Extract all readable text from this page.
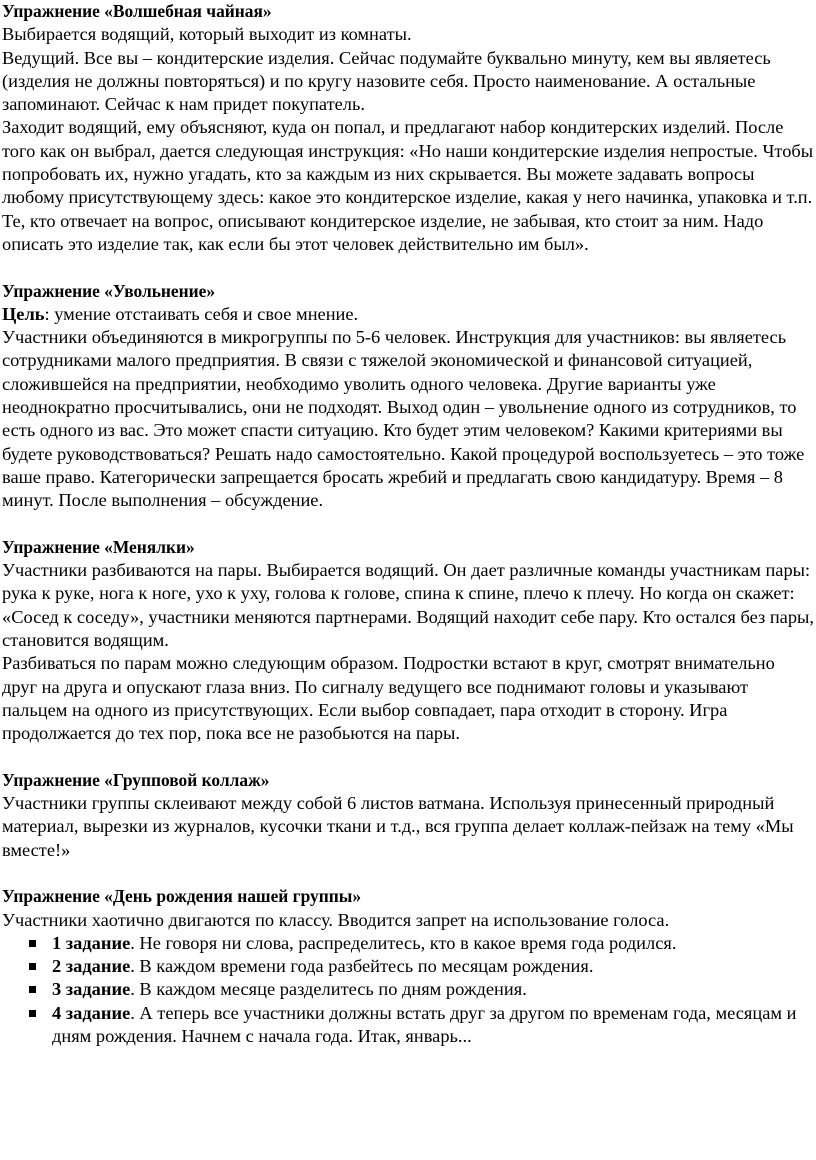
Упражнение «Волшебная чайная»

Выбирается водящий, который выходит из комнаты.

Ведущий. Все вы – кондитерские изделия. Сейчас подумайте буквально минуту, кем вы являетесь (изделия не должны повторяться) и по кругу назовите себя. Просто наименование. А остальные запоминают. Сейчас к нам придет покупатель.

Заходит водящий, ему объясняют, куда он попал, и предлагают набор кондитерских изделий. После того как он выбрал, дается следующая инструкция: «Но наши кондитерские изделия непростые. Чтобы попробовать их, нужно угадать, кто за каждым из них скрывается. Вы можете задавать вопросы любому присутствующему здесь: какое это кондитерское изделие, какая у него начинка, упаковка и т.п. Те, кто отвечает на вопрос, описывают кондитерское изделие, не забывая, кто стоит за ним. Надо описать это изделие так, как если бы этот человек действительно им был».

Упражнение «Увольнение»

Цель: умение отстаивать себя и свое мнение.

Участники объединяются в микрогруппы по 5-6 человек. Инструкция для участников: вы являетесь сотрудниками малого предприятия. В связи с тяжелой экономической и финансовой ситуацией, сложившейся на предприятии, необходимо уволить одного человека. Другие варианты уже неоднократно просчитывались, они не подходят. Выход один – увольнение одного из сотрудников, то есть одного из вас. Это может спасти ситуацию. Кто будет этим человеком? Какими критериями вы будете руководствоваться? Решать надо самостоятельно. Какой процедурой воспользуетесь – это тоже ваше право. Категорически запрещается бросать жребий и предлагать свою кандидатуру. Время – 8 минут. После выполнения – обсуждение.

Упражнение «Менялки»

Участники разбиваются на пары. Выбирается водящий. Он дает различные команды участникам пары: рука к руке, нога к ноге, ухо к уху, голова к голове, спина к спине, плечо к плечу. Но когда он скажет: «Сосед к соседу», участники меняются партнерами. Водящий находит себе пару. Кто остался без пары, становится водящим.

Разбиваться по парам можно следующим образом. Подростки встают в круг, смотрят внимательно друг на друга и опускают глаза вниз. По сигналу ведущего все поднимают головы и указывают пальцем на одного из присутствующих. Если выбор совпадает, пара отходит в сторону. Игра продолжается до тех пор, пока все не разобьются на пары.

Упражнение «Групповой коллаж»

Участники группы склеивают между собой 6 листов ватмана. Используя принесенный природный материал, вырезки из журналов, кусочки ткани и т.д., вся группа делает коллаж-пейзаж на тему «Мы вместе!»

Упражнение «День рождения нашей группы»

Участники хаотично двигаются по классу. Вводится запрет на использование голоса.

1 задание. Не говоря ни слова, распределитесь, кто в какое время года родился.
2 задание. В каждом времени года разбейтесь по месяцам рождения.
3 задание. В каждом месяце разделитесь по дням рождения.
4 задание. А теперь все участники должны встать друг за другом по временам года, месяцам и дням рождения. Начнем с начала года. Итак, январь...
